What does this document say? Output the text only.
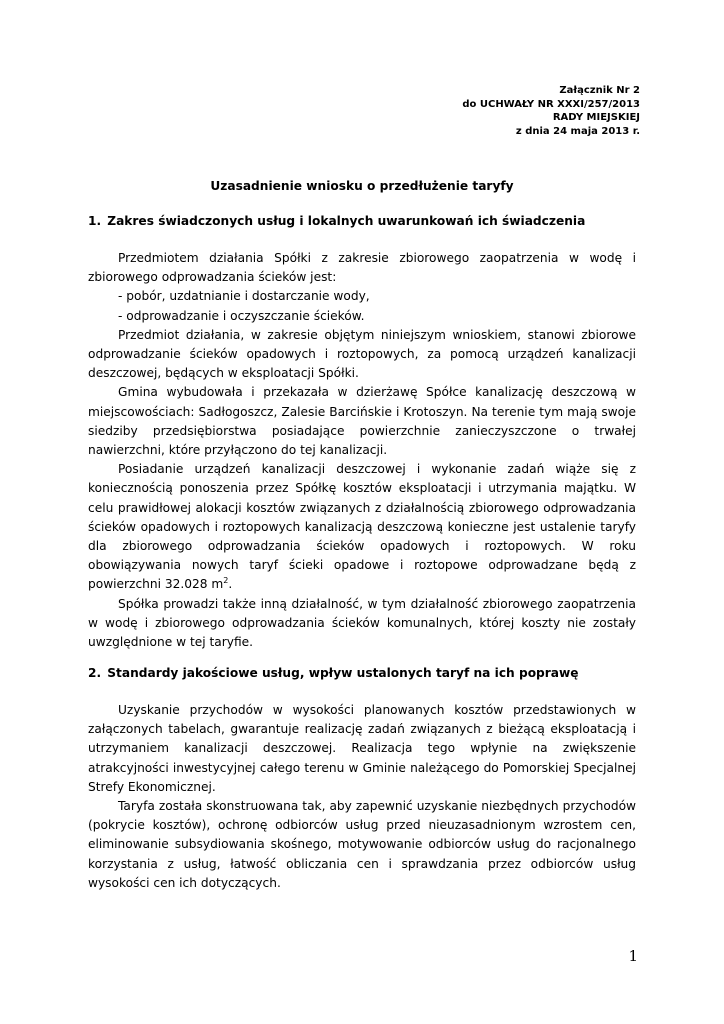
Załącznik Nr 2
do UCHWAŁY NR XXXI/257/2013
RADY MIEJSKIEJ
z dnia 24 maja 2013 r.
Uzasadnienie wniosku o przedłużenie taryfy
1. Zakres świadczonych usług i lokalnych uwarunkowań ich świadczenia

Przedmiotem działania Spółki z zakresie zbiorowego zaopatrzenia w wodę i zbiorowego odprowadzania ścieków jest:

- pobór, uzdatnianie i dostarczanie wody,

- odprowadzanie i oczyszczanie ścieków.

Przedmiot działania, w zakresie objętym niniejszym wnioskiem, stanowi zbiorowe odprowadzanie ścieków opadowych i roztopowych, za pomocą urządzeń kanalizacji deszczowej, będących w eksploatacji Spółki.

Gmina wybudowała i przekazała w dzierżawę Spółce kanalizację deszczową w miejscowościach: Sadłogoszcz, Zalesie Barcińskie i Krotoszyn. Na terenie tym mają swoje siedziby przedsiębiorstwa posiadające powierzchnie zanieczyszczone o trwałej nawierzchni, które przyłączono do tej kanalizacji.

Posiadanie urządzeń kanalizacji deszczowej i wykonanie zadań wiąże się z koniecznością ponoszenia przez Spółkę kosztów eksploatacji i utrzymania majątku. W celu prawidłowej alokacji kosztów związanych z działalnością zbiorowego odprowadzania ścieków opadowych i roztopowych kanalizacją deszczową konieczne jest ustalenie taryfy dla zbiorowego odprowadzania ścieków opadowych i roztopowych. W roku obowiązywania nowych taryf ścieki opadowe i roztopowe odprowadzane będą z powierzchni 32.028 $m^2$.

Spółka prowadzi także inną działalność, w tym działalność zbiorowego zaopatrzenia w wodę i zbiorowego odprowadzania ścieków komunalnych, której koszty nie zostały uwzględnione w tej taryfie.

2. Standardy jakościowe usług, wpływ ustalonych taryf na ich poprawę

Uzyskanie przychodów w wysokości planowanych kosztów przedstawionych w załączonych tabelach, gwarantuje realizację zadań związanych z bieżącą eksploatacją i utrzymaniem kanalizacji deszczowej. Realizacja tego wpłynie na zwiększenie atrakcyjności inwestycyjnej całego terenu w Gminie należącego do Pomorskiej Specjalnej Strefy Ekonomicznej.

Taryfa została skonstruowana tak, aby zapewnić uzyskanie niezbędnych przychodów (pokrycie kosztów), ochronę odbiorców usług przed nieuzasadnionym wzrostem cen, eliminowanie subsydiowania skośnego, motywowanie odbiorców usług do racjonalnego korzystania z usług, łatwość obliczania cen i sprawdzania przez odbiorców usług wysokości cen ich dotyczących.

1
